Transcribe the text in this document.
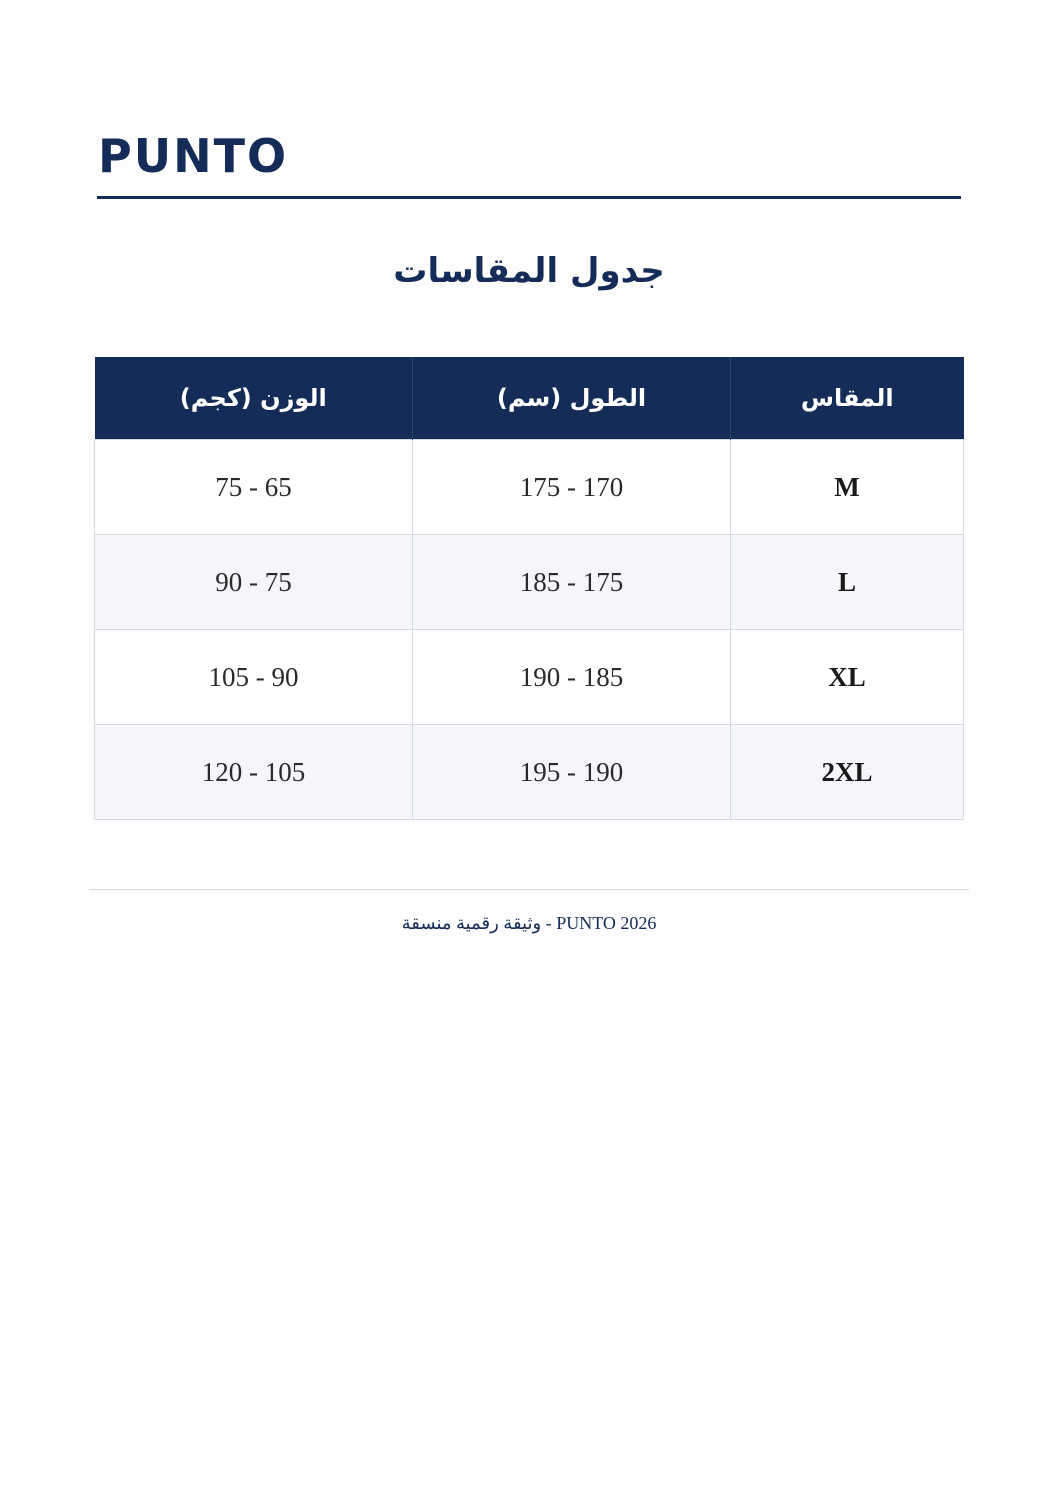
PUNTO
جدول المقاسات
المقاس	الطول (سم)	الوزن (كجم)
M	170 - 175	65 - 75
L	175 - 185	75 - 90
XL	185 - 190	90 - 105
2XL	190 - 195	105 - 120
PUNTO 2026 - وثيقة رقمية منسقة
